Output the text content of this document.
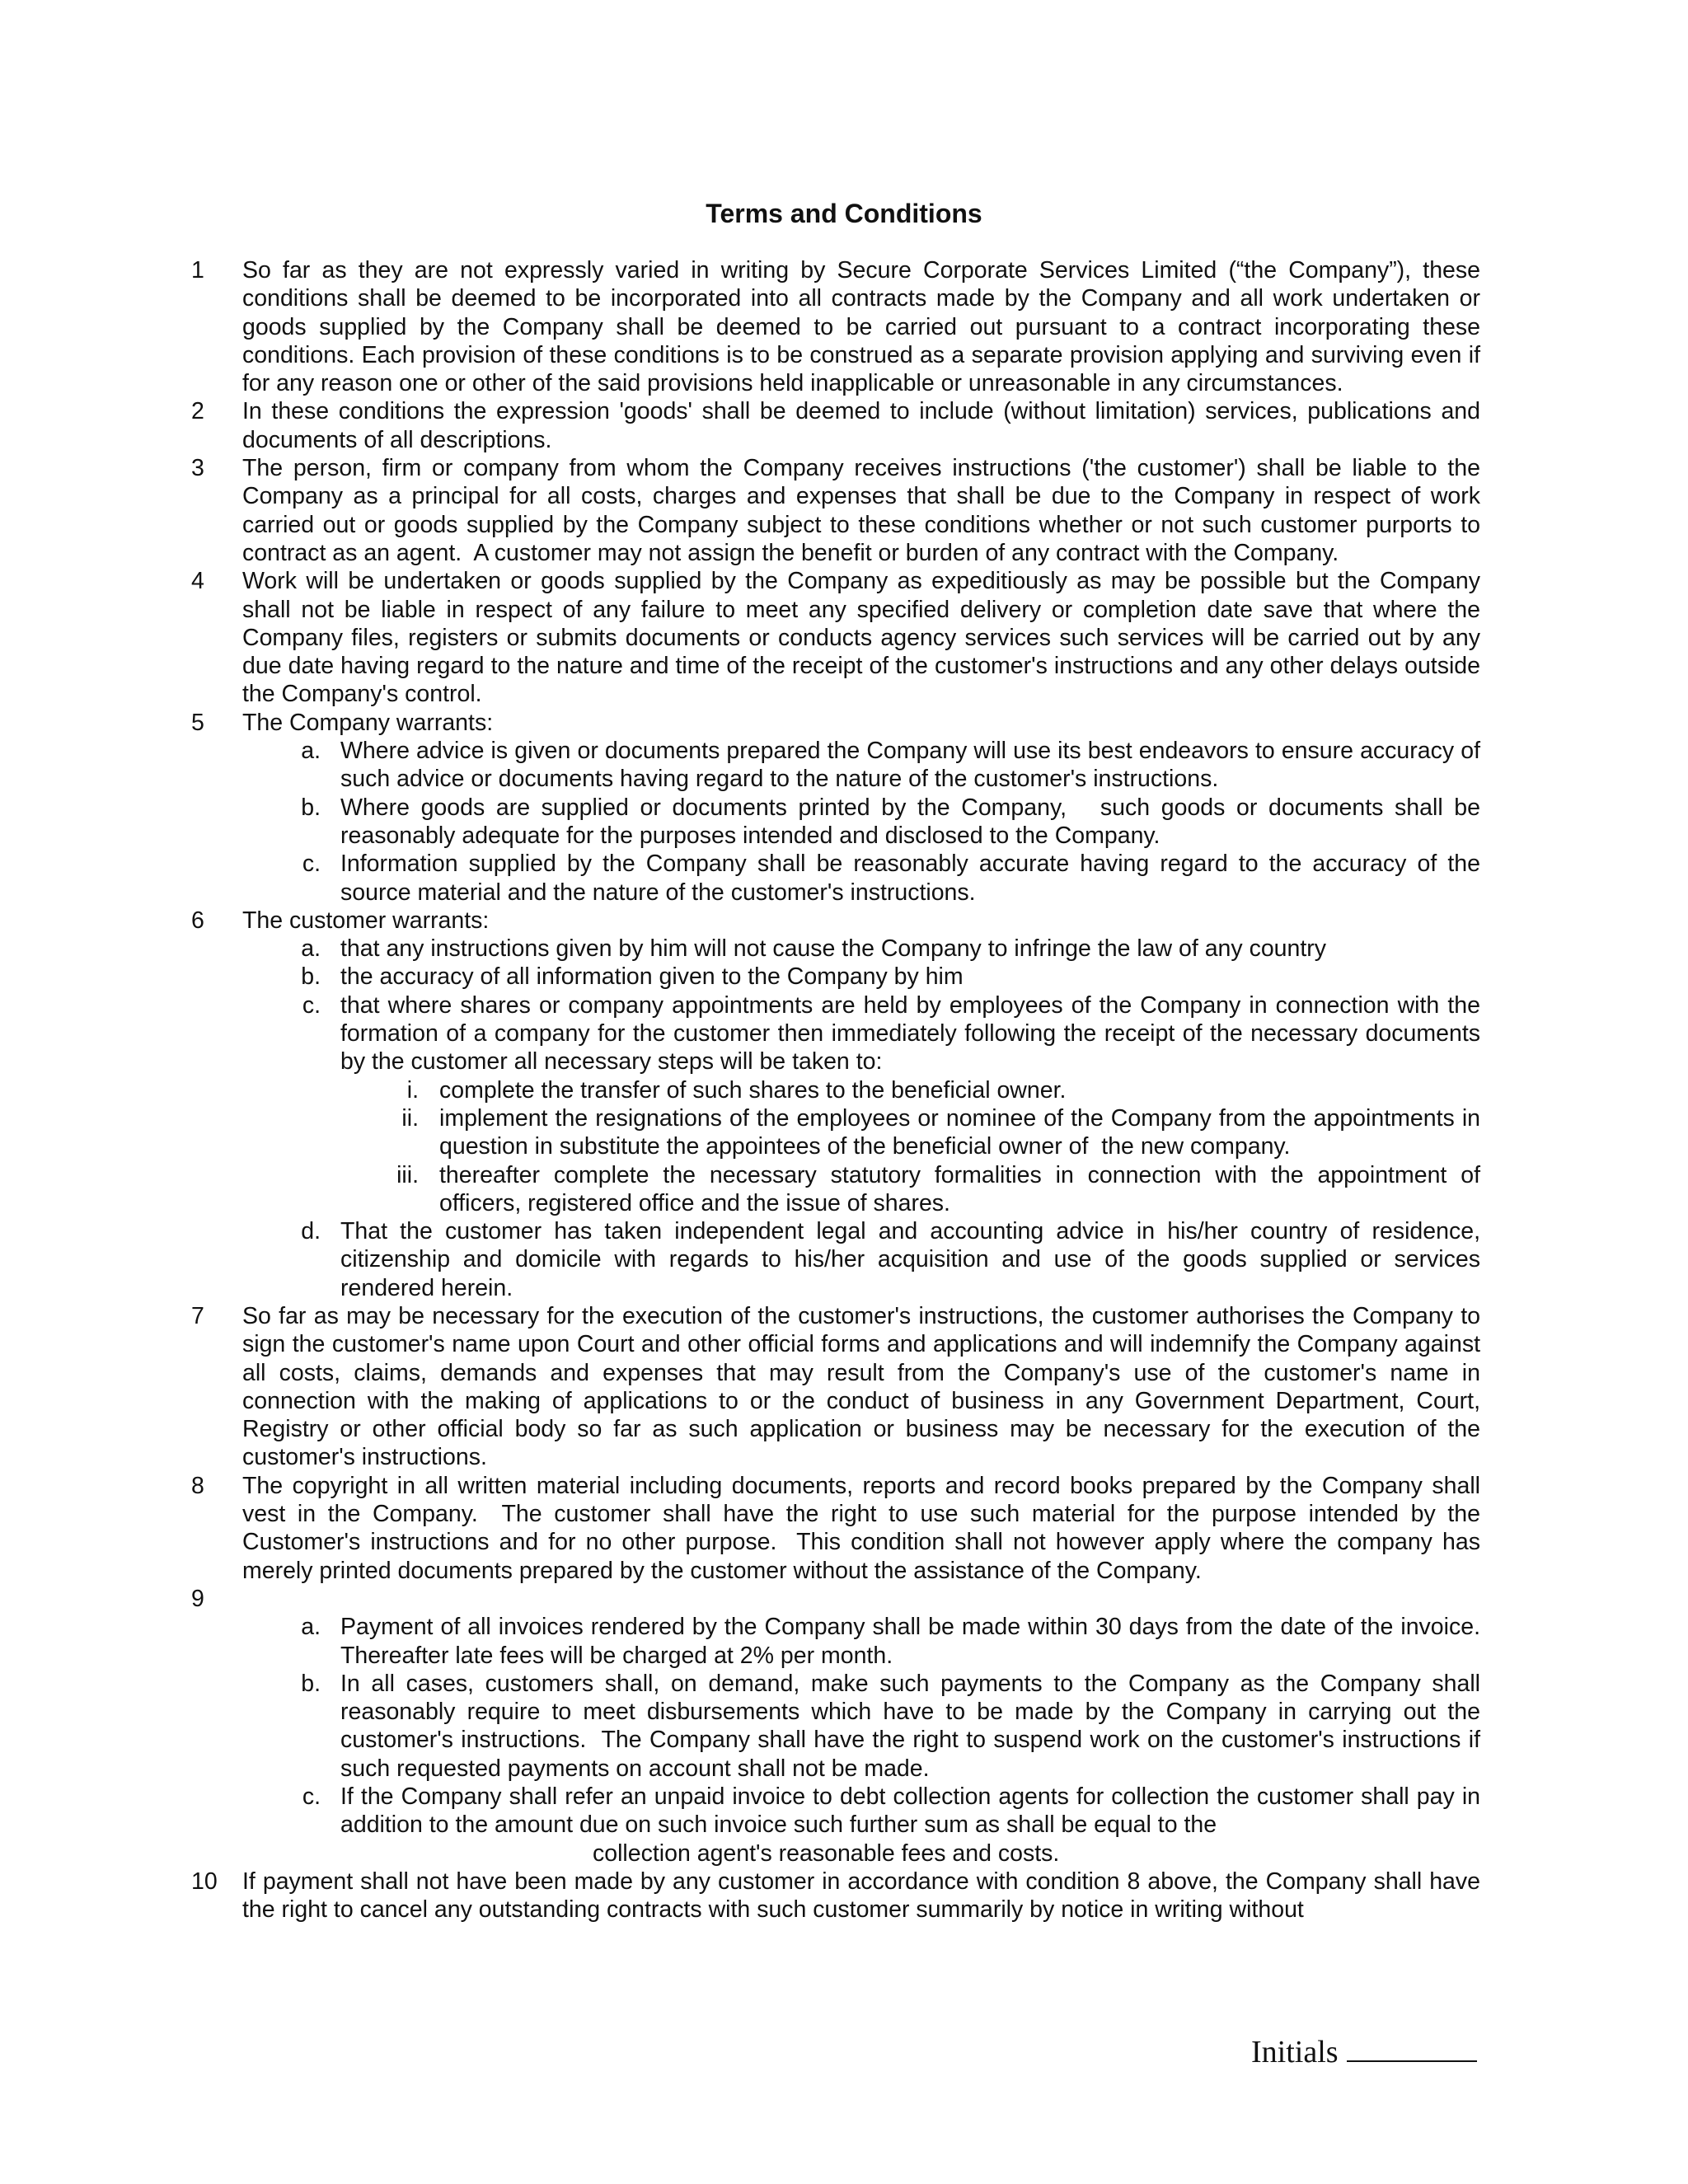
Terms and Conditions
1	So far as they are not expressly varied in writing by Secure Corporate Services Limited (“the Company”), these conditions shall be deemed to be incorporated into all contracts made by the Company and all work undertaken or goods supplied by the Company shall be deemed to be carried out pursuant to a contract incorporating these conditions. Each provision of these conditions is to be construed as a separate provision applying and surviving even if for any reason one or other of the said provisions held inapplicable or unreasonable in any circumstances.
2	In these conditions the expression 'goods' shall be deemed to include (without limitation) services, publications and documents of all descriptions.
3	The person, firm or company from whom the Company receives instructions ('the customer') shall be liable to the Company as a principal for all costs, charges and expenses that shall be due to the Company in respect of work carried out or goods supplied by the Company subject to these conditions whether or not such customer purports to contract as an agent.  A customer may not assign the benefit or burden of any contract with the Company.
4	Work will be undertaken or goods supplied by the Company as expeditiously as may be possible but the Company shall not be liable in respect of any failure to meet any specified delivery or completion date save that where the Company files, registers or submits documents or conducts agency services such services will be carried out by any due date having regard to the nature and time of the receipt of the customer's instructions and any other delays outside the Company's control.
5	The Company warrants:
a. Where advice is given or documents prepared the Company will use its best endeavors to ensure accuracy of such advice or documents having regard to the nature of the customer's instructions.
b. Where goods are supplied or documents printed by the Company,   such goods or documents shall be reasonably adequate for the purposes intended and disclosed to the Company.
c. Information supplied by the Company shall be reasonably accurate having regard to the accuracy of the source material and the nature of the customer's instructions.
6	The customer warrants:
a. that any instructions given by him will not cause the Company to infringe the law of any country
b. the accuracy of all information given to the Company by him
c. that where shares or company appointments are held by employees of the Company in connection with the formation of a company for the customer then immediately following the receipt of the necessary documents by the customer all necessary steps will be taken to:
i. complete the transfer of such shares to the beneficial owner.
ii. implement the resignations of the employees or nominee of the Company from the appointments in question in substitute the appointees of the beneficial owner of  the new company.
iii. thereafter complete the necessary statutory formalities in connection with the appointment of officers, registered office and the issue of shares.
d. That the customer has taken independent legal and accounting advice in his/her country of residence, citizenship and domicile with regards to his/her acquisition and use of the goods supplied or services rendered herein.
7	So far as may be necessary for the execution of the customer's instructions, the customer authorises the Company to sign the customer's name upon Court and other official forms and applications and will indemnify the Company against all costs, claims, demands and expenses that may result from the Company's use of the customer's name in connection with the making of applications to or the conduct of business in any Government Department, Court, Registry or other official body so far as such application or business may be necessary for the execution of the customer's instructions.
8	The copyright in all written material including documents, reports and record books prepared by the Company shall vest in the Company.  The customer shall have the right to use such material for the purpose intended by the Customer's instructions and for no other purpose.  This condition shall not however apply where the company has merely printed documents prepared by the customer without the assistance of the Company.
9
a. Payment of all invoices rendered by the Company shall be made within 30 days from the date of the invoice. Thereafter late fees will be charged at 2% per month.
b. In all cases, customers shall, on demand, make such payments to the Company as the Company shall reasonably require to meet disbursements which have to be made by the Company in carrying out the customer's instructions.  The Company shall have the right to suspend work on the customer's instructions if such requested payments on account shall not be made.
c. If the Company shall refer an unpaid invoice to debt collection agents for collection the customer shall pay in addition to the amount due on such invoice such further sum as shall be equal to the
collection agent's reasonable fees and costs.
10	If payment shall not have been made by any customer in accordance with condition 8 above, the Company shall have the right to cancel any outstanding contracts with such customer summarily by notice in writing without
Initials
